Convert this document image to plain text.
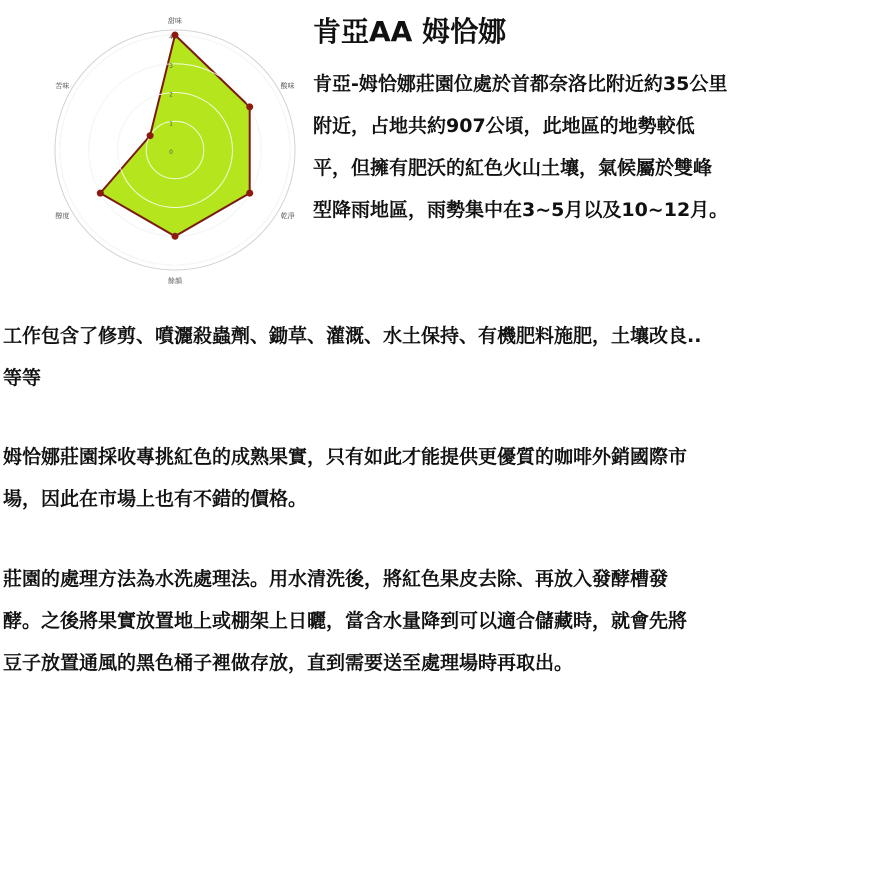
0
1
2
3
4
甜味
酸味
乾淨
餘韻
醇度
苦味
肯亞AA 姆恰娜

肯亞-姆恰娜莊園位處於首都奈洛比附近約35公里
附近，占地共約907公頃，此地區的地勢較低
平，但擁有肥沃的紅色火山土壤，氣候屬於雙峰
型降雨地區，雨勢集中在3~5月以及10~12月。

工作包含了修剪、噴灑殺蟲劑、鋤草、灌溉、水土保持、有機肥料施肥，土壤改良..
等等

姆恰娜莊園採收專挑紅色的成熟果實，只有如此才能提供更優質的咖啡外銷國際市
場，因此在市場上也有不錯的價格。

莊園的處理方法為水洗處理法。用水清洗後，將紅色果皮去除、再放入發酵槽發
酵。之後將果實放置地上或棚架上日曬，當含水量降到可以適合儲藏時，就會先將
豆子放置通風的黑色桶子裡做存放，直到需要送至處理場時再取出。
